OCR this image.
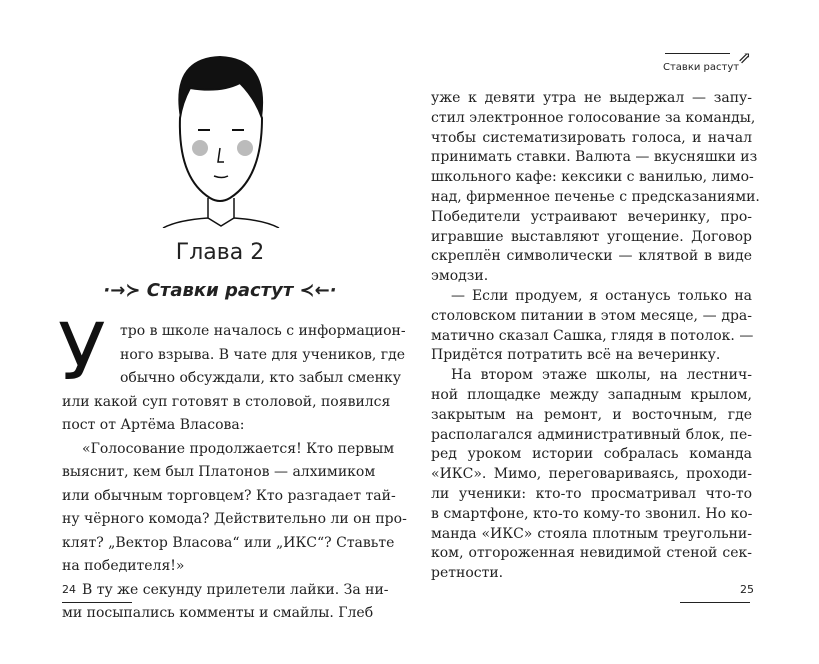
Глава 2
·→≻ Ставки растут ≺←·
У тро в школе началось с информацион-
ного взрыва. В чате для учеников, где
обычно обсуждали, кто забыл сменку
или какой суп готовят в столовой, появился
пост от Артёма Власова:
«Голосование продолжается! Кто первым
выяснит, кем был Платонов — алхимиком
или обычным торговцем? Кто разгадает тай-
ну чёрного комода? Действительно ли он про-
клят? „Вектор Власова“ или „ИКС“? Ставьте
на победителя!»
В ту же секунду прилетели лайки. За ни-
ми посыпались комменты и смайлы. Глеб
уже к девяти утра не выдержал — запу-
стил электронное голосование за команды,
чтобы систематизировать голоса, и начал
принимать ставки. Валюта — вкусняшки из
школьного кафе: кексики с ванилью, лимо-
над, фирменное печенье с предсказаниями.
Победители устраивают вечеринку, про-
игравшие выставляют угощение. Договор
скреплён символически — клятвой в виде
эмодзи.
— Если продуем, я останусь только на
столовском питании в этом месяце, — дра-
матично сказал Сашка, глядя в потолок. —
Придётся потратить всё на вечеринку.
На втором этаже школы, на лестнич-
ной площадке между западным крылом,
закрытым на ремонт, и восточным, где
располагался административный блок, пе-
ред уроком истории собралась команда
«ИКС». Мимо, переговариваясь, проходи-
ли ученики: кто-то просматривал что-то
в смартфоне, кто-то кому-то звонил. Но ко-
манда «ИКС» стояла плотным треугольни-
ком, отгороженная невидимой стеной сек-
ретности.
24	25
Ставки растут
⇗
